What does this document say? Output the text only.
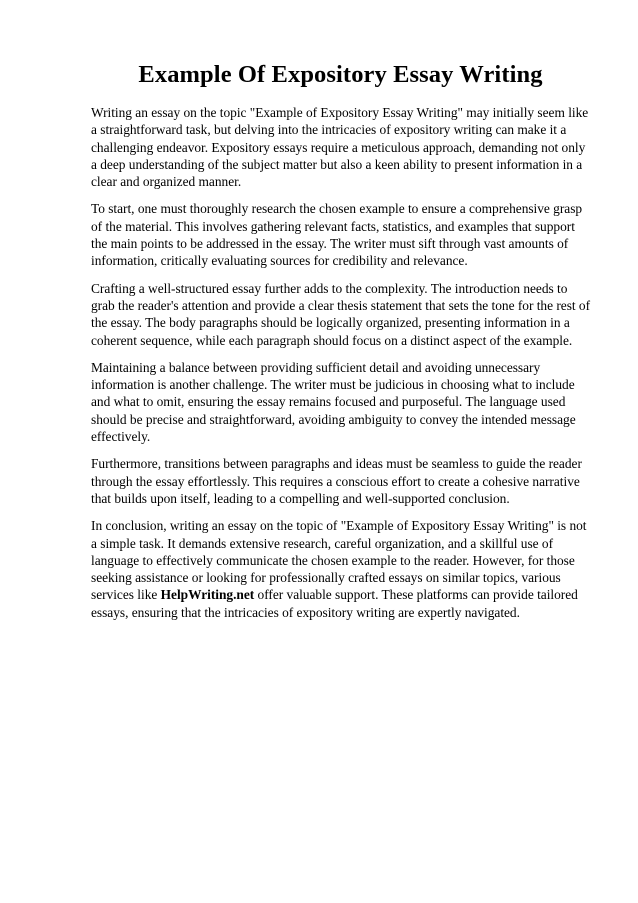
Example Of Expository Essay Writing

Writing an essay on the topic "Example of Expository Essay Writing" may initially seem like a straightforward task, but delving into the intricacies of expository writing can make it a challenging endeavor. Expository essays require a meticulous approach, demanding not only a deep understanding of the subject matter but also a keen ability to present information in a clear and organized manner.

To start, one must thoroughly research the chosen example to ensure a comprehensive grasp of the material. This involves gathering relevant facts, statistics, and examples that support the main points to be addressed in the essay. The writer must sift through vast amounts of information, critically evaluating sources for credibility and relevance.

Crafting a well-structured essay further adds to the complexity. The introduction needs to grab the reader's attention and provide a clear thesis statement that sets the tone for the rest of the essay. The body paragraphs should be logically organized, presenting information in a coherent sequence, while each paragraph should focus on a distinct aspect of the example.

Maintaining a balance between providing sufficient detail and avoiding unnecessary information is another challenge. The writer must be judicious in choosing what to include and what to omit, ensuring the essay remains focused and purposeful. The language used should be precise and straightforward, avoiding ambiguity to convey the intended message effectively.

Furthermore, transitions between paragraphs and ideas must be seamless to guide the reader through the essay effortlessly. This requires a conscious effort to create a cohesive narrative that builds upon itself, leading to a compelling and well-supported conclusion.

In conclusion, writing an essay on the topic of "Example of Expository Essay Writing" is not a simple task. It demands extensive research, careful organization, and a skillful use of language to effectively communicate the chosen example to the reader. However, for those seeking assistance or looking for professionally crafted essays on similar topics, various services like HelpWriting.net offer valuable support. These platforms can provide tailored essays, ensuring that the intricacies of expository writing are expertly navigated.
